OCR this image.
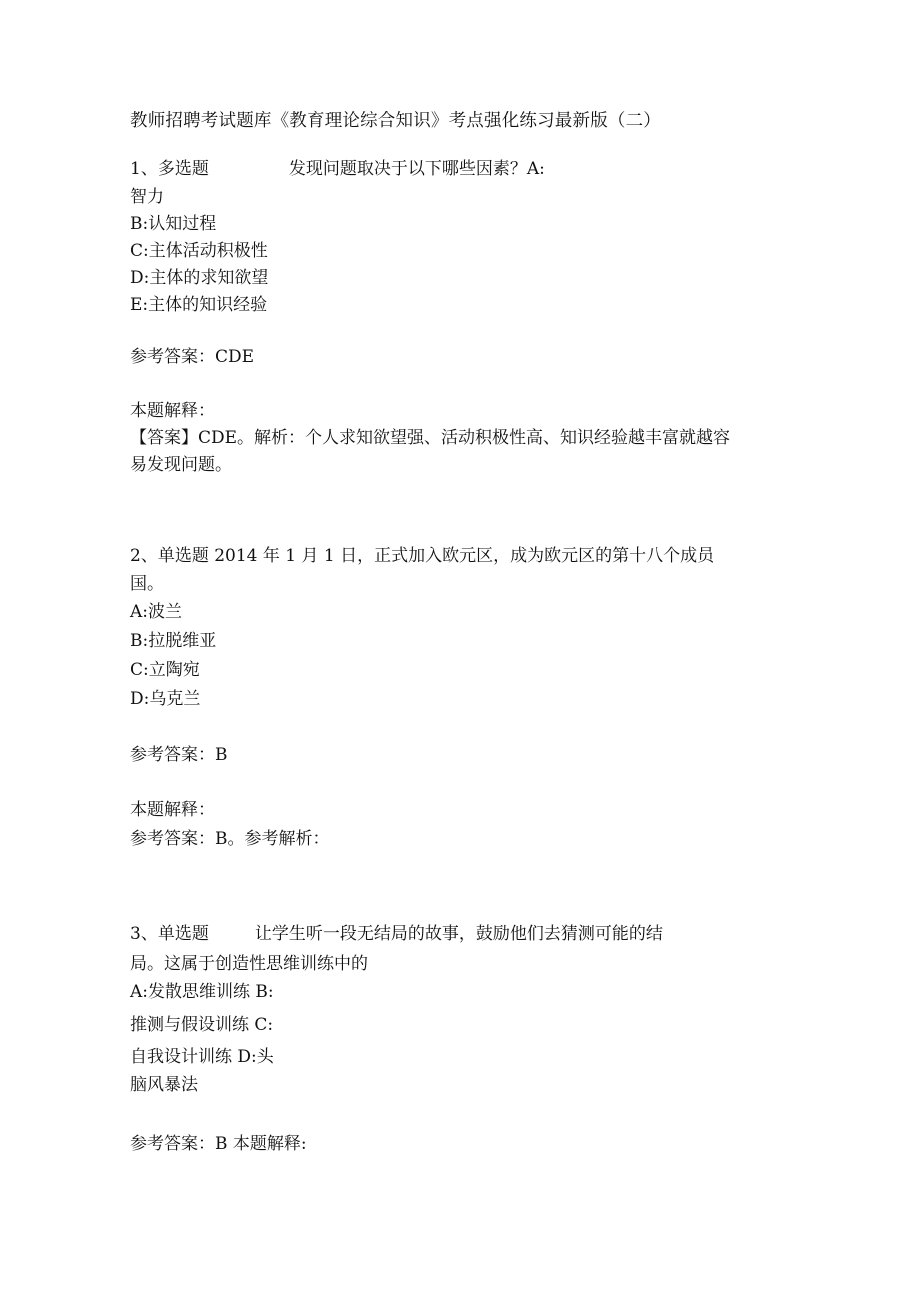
教师招聘考试题库《教育理论综合知识》考点强化练习最新版（二）
1、多选题	发现问题取决于以下哪些因素？A:
智力
B:认知过程
C:主体活动积极性
D:主体的求知欲望
E:主体的知识经验
参考答案：CDE
本题解释：
【答案】CDE。解析：个人求知欲望强、活动积极性高、知识经验越丰富就越容
易发现问题。
2、单选题 2014 年 1 月 1 日，正式加入欧元区，成为欧元区的第十八个成员
国。
A:波兰
B:拉脱维亚
C:立陶宛
D:乌克兰
参考答案：B
本题解释：
参考答案：B。参考解析：
3、单选题	让学生听一段无结局的故事，鼓励他们去猜测可能的结
局。这属于创造性思维训练中的
A:发散思维训练 B:
推测与假设训练 C:
自我设计训练 D:头
脑风暴法
参考答案：B 本题解释:
